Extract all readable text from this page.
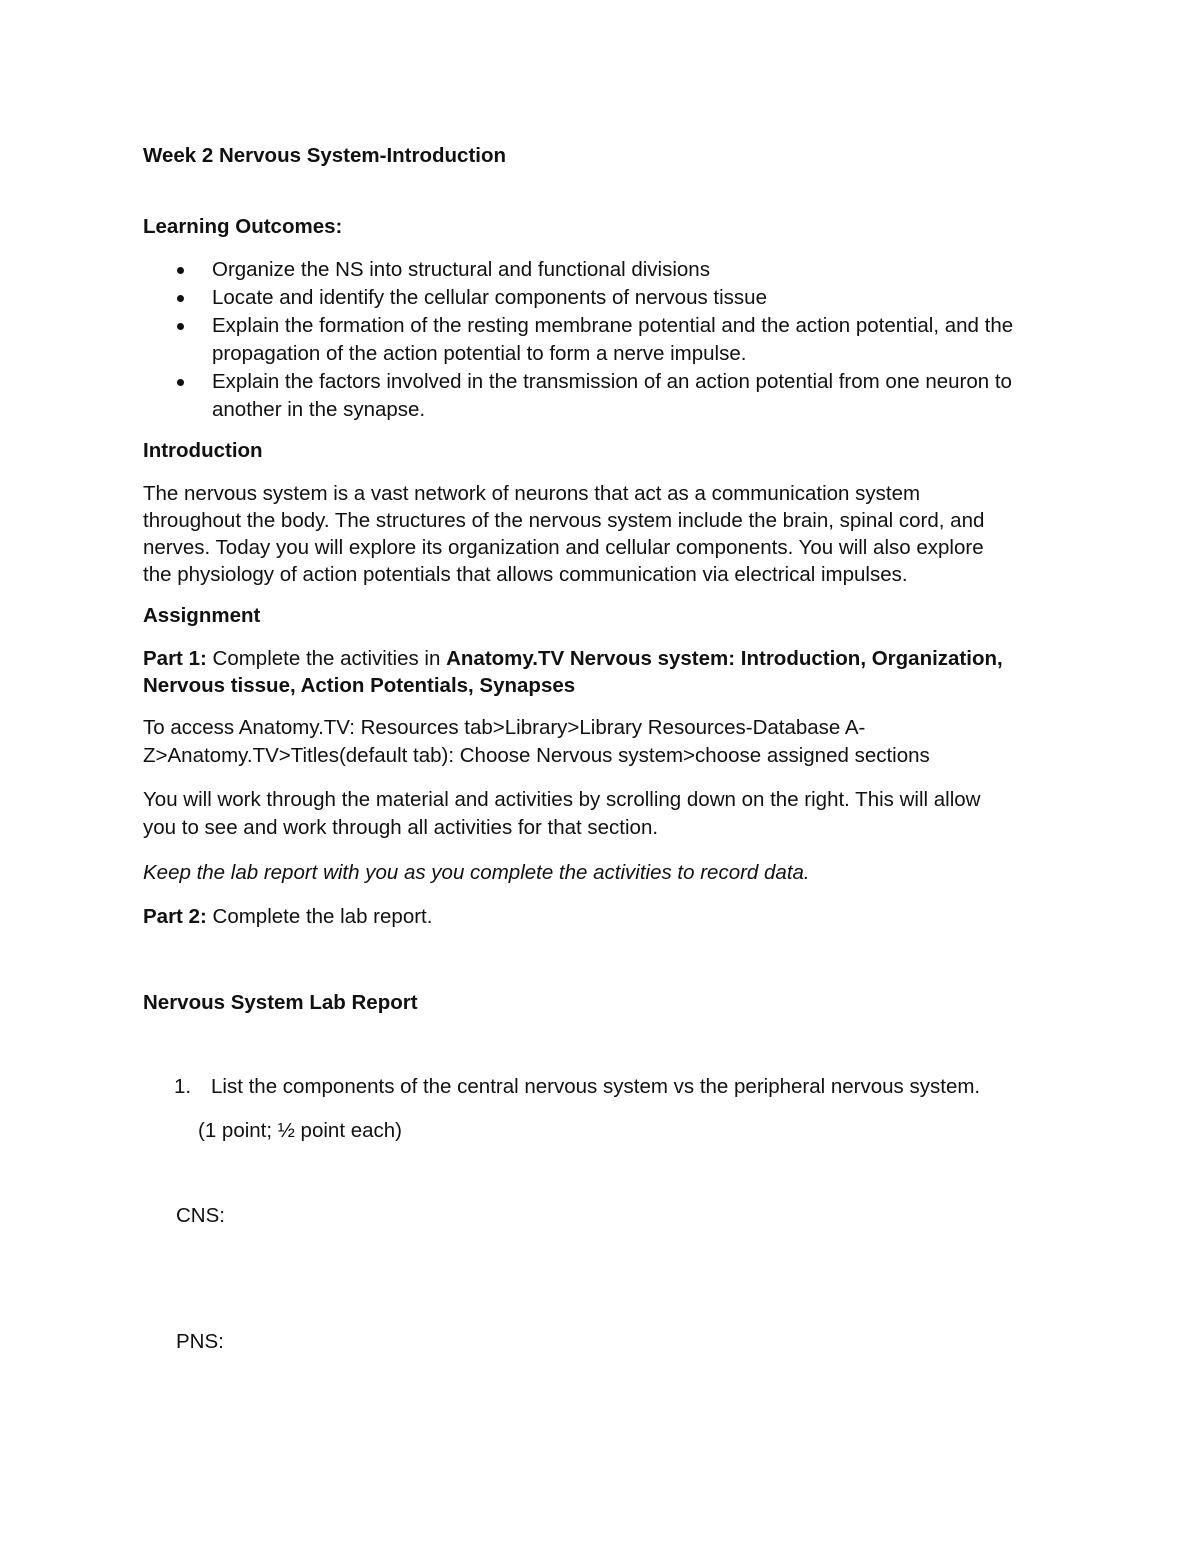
Week 2 Nervous System-Introduction

Learning Outcomes:

Organize the NS into structural and functional divisions
Locate and identify the cellular components of nervous tissue
Explain the formation of the resting membrane potential and the action potential, and the
propagation of the action potential to form a nerve impulse.
Explain the factors involved in the transmission of an action potential from one neuron to
another in the synapse.

Introduction

The nervous system is a vast network of neurons that act as a communication system

throughout the body. The structures of the nervous system include the brain, spinal cord, and

nerves. Today you will explore its organization and cellular components. You will also explore

the physiology of action potentials that allows communication via electrical impulses.

Assignment

Part 1: Complete the activities in Anatomy.TV Nervous system: Introduction, Organization,

Nervous tissue, Action Potentials, Synapses

To access Anatomy.TV: Resources tab>Library>Library Resources-Database A-

Z>Anatomy.TV>Titles(default tab): Choose Nervous system>choose assigned sections

You will work through the material and activities by scrolling down on the right. This will allow

you to see and work through all activities for that section.

Keep the lab report with you as you complete the activities to record data.

Part 2: Complete the lab report.

Nervous System Lab Report

1. List the components of the central nervous system vs the peripheral nervous system.

(1 point; ½ point each)

CNS:

PNS:
